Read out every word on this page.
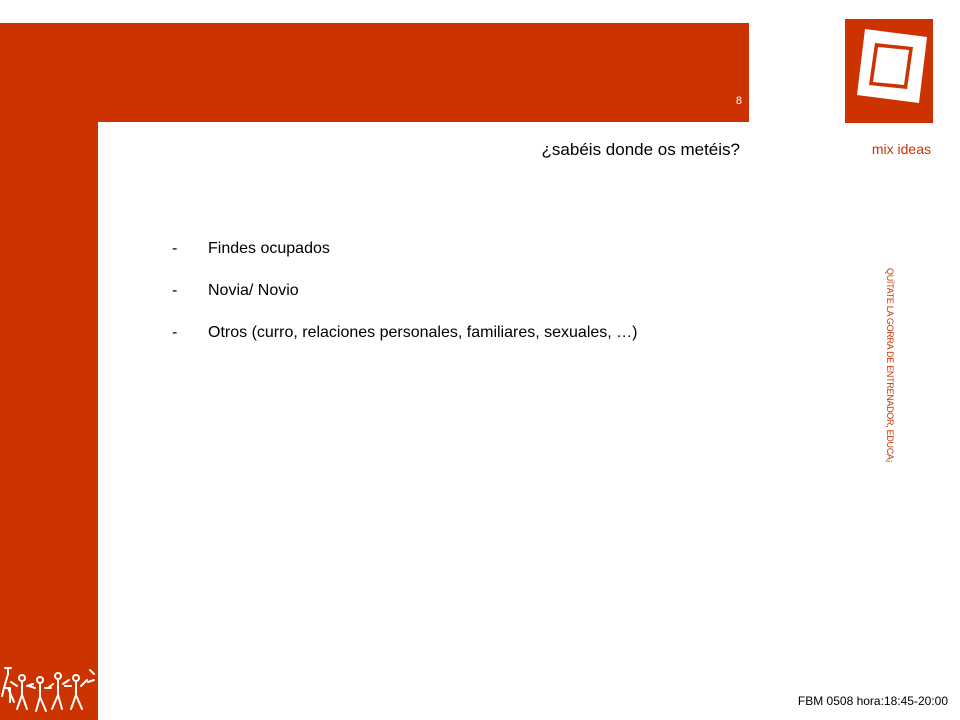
8
¿sabéis donde os metéis?	mix ideas
QUÍTATE LA GORRA DE ENTRENADOR, EDUCA¡
-	Findes ocupados
-	Novia/ Novio
-	Otros (curro, relaciones personales, familiares, sexuales, …)
FBM 0508 hora:18:45-20:00
